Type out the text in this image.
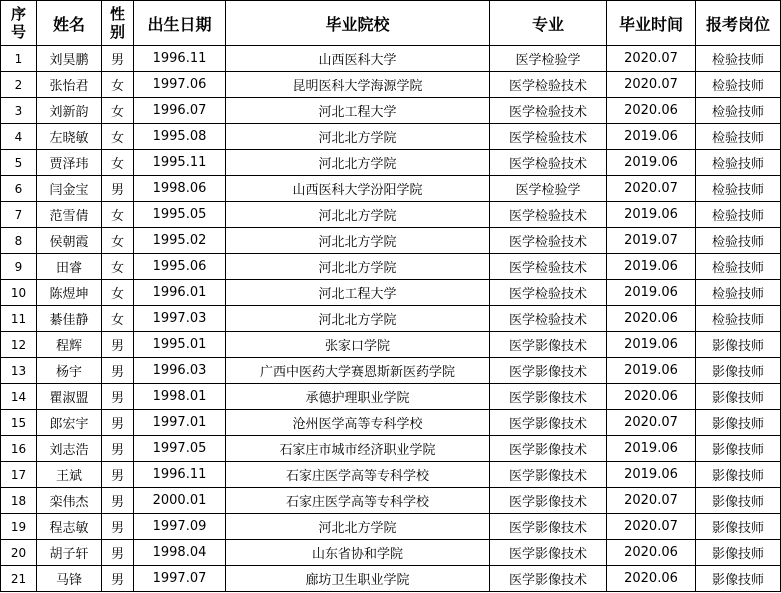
序号	姓名	性别	出生日期	毕业院校	专业	毕业时间	报考岗位
1	刘昊鹏	男	1996.11	山西医科大学	医学检验学	2020.07	检验技师
2	张怡君	女	1997.06	昆明医科大学海源学院	医学检验技术	2020.07	检验技师
3	刘新韵	女	1996.07	河北工程大学	医学检验技术	2020.06	检验技师
4	左晓敏	女	1995.08	河北北方学院	医学检验技术	2019.06	检验技师
5	贾泽玮	女	1995.11	河北北方学院	医学检验技术	2019.06	检验技师
6	闫金宝	男	1998.06	山西医科大学汾阳学院	医学检验学	2020.07	检验技师
7	范雪倩	女	1995.05	河北北方学院	医学检验技术	2019.06	检验技师
8	侯朝霞	女	1995.02	河北北方学院	医学检验技术	2019.07	检验技师
9	田睿	女	1995.06	河北北方学院	医学检验技术	2019.06	检验技师
10	陈煜坤	女	1996.01	河北工程大学	医学检验技术	2019.06	检验技师
11	綦佳静	女	1997.03	河北北方学院	医学检验技术	2020.06	检验技师
12	程辉	男	1995.01	张家口学院	医学影像技术	2019.06	影像技师
13	杨宇	男	1996.03	广西中医药大学赛恩斯新医药学院	医学影像技术	2019.06	影像技师
14	瞿淑盟	男	1998.01	承德护理职业学院	医学影像技术	2020.06	影像技师
15	郎宏宇	男	1997.01	沧州医学高等专科学校	医学影像技术	2020.07	影像技师
16	刘志浩	男	1997.05	石家庄市城市经济职业学院	医学影像技术	2019.06	影像技师
17	王斌	男	1996.11	石家庄医学高等专科学校	医学影像技术	2019.06	影像技师
18	栾伟杰	男	2000.01	石家庄医学高等专科学校	医学影像技术	2020.07	影像技师
19	程志敏	男	1997.09	河北北方学院	医学影像技术	2020.07	影像技师
20	胡子轩	男	1998.04	山东省协和学院	医学影像技术	2020.06	影像技师
21	马锋	男	1997.07	廊坊卫生职业学院	医学影像技术	2020.06	影像技师
